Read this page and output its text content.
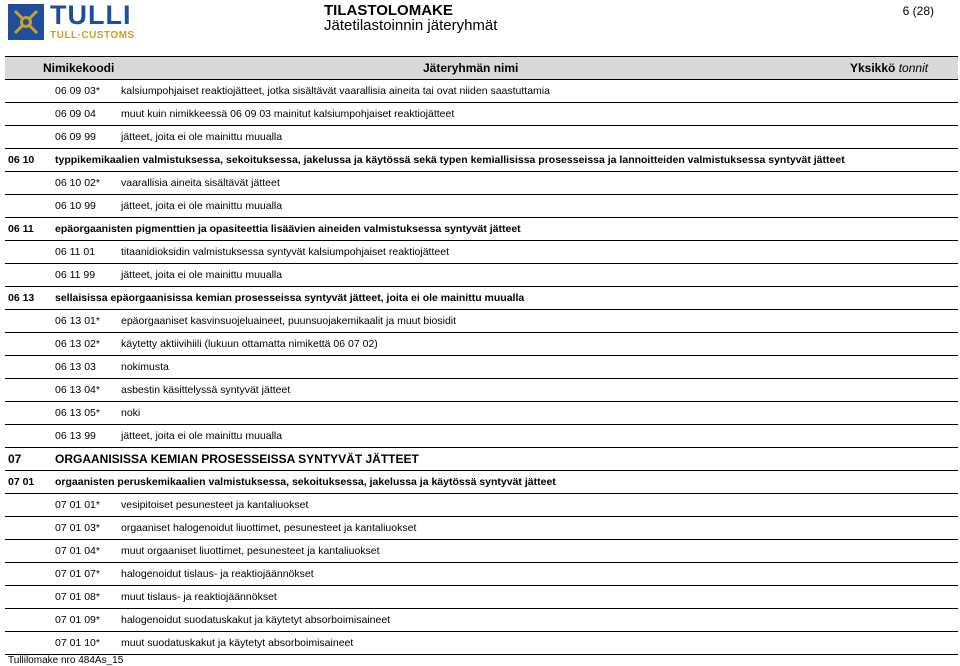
TULLI
TULL·CUSTOMS
TILASTOLOMAKE
Jätetilastoinnin jäteryhmät
6 (28)
Nimikekoodi	Jäteryhmän nimi	Yksikkö tonnit
06 09 03* kalsiumpohjaiset reaktiojätteet, jotka sisältävät vaarallisia aineita tai ovat niiden saastuttamia
06 09 04 muut kuin nimikkeessä 06 09 03 mainitut kalsiumpohjaiset reaktiojätteet
06 09 99 jätteet, joita ei ole mainittu muualla
06 10 typpikemikaalien valmistuksessa, sekoituksessa, jakelussa ja käytössä sekä typen kemiallisissa prosesseissa ja lannoitteiden valmistuksessa syntyvät jätteet
06 10 02* vaarallisia aineita sisältävät jätteet
06 10 99 jätteet, joita ei ole mainittu muualla
06 11 epäorgaanisten pigmenttien ja opasiteettia lisäävien aineiden valmistuksessa syntyvät jätteet
06 11 01 titaanidioksidin valmistuksessa syntyvät kalsiumpohjaiset reaktiojätteet
06 11 99 jätteet, joita ei ole mainittu muualla
06 13 sellaisissa epäorgaanisissa kemian prosesseissa syntyvät jätteet, joita ei ole mainittu muualla
06 13 01* epäorgaaniset kasvinsuojeluaineet, puunsuojakemikaalit ja muut biosidit
06 13 02* käytetty aktiivihiili (lukuun ottamatta nimikettä 06 07 02)
06 13 03 nokimusta
06 13 04* asbestin käsittelyssä syntyvät jätteet
06 13 05* noki
06 13 99 jätteet, joita ei ole mainittu muualla
07	ORGAANISISSA KEMIAN PROSESSEISSA SYNTYVÄT JÄTTEET
07 01 orgaanisten peruskemikaalien valmistuksessa, sekoituksessa, jakelussa ja käytössä syntyvät jätteet
07 01 01* vesipitoiset pesunesteet ja kantaliuokset
07 01 03* orgaaniset halogenoidut liuottimet, pesunesteet ja kantaliuokset
07 01 04* muut orgaaniset liuottimet, pesunesteet ja kantaliuokset
07 01 07* halogenoidut tislaus- ja reaktiojäännökset
07 01 08* muut tislaus- ja reaktiojäännökset
07 01 09* halogenoidut suodatuskakut ja käytetyt absorboimisaineet
07 01 10* muut suodatuskakut ja käytetyt absorboimisaineet
Tullilomake nro 484As_15
